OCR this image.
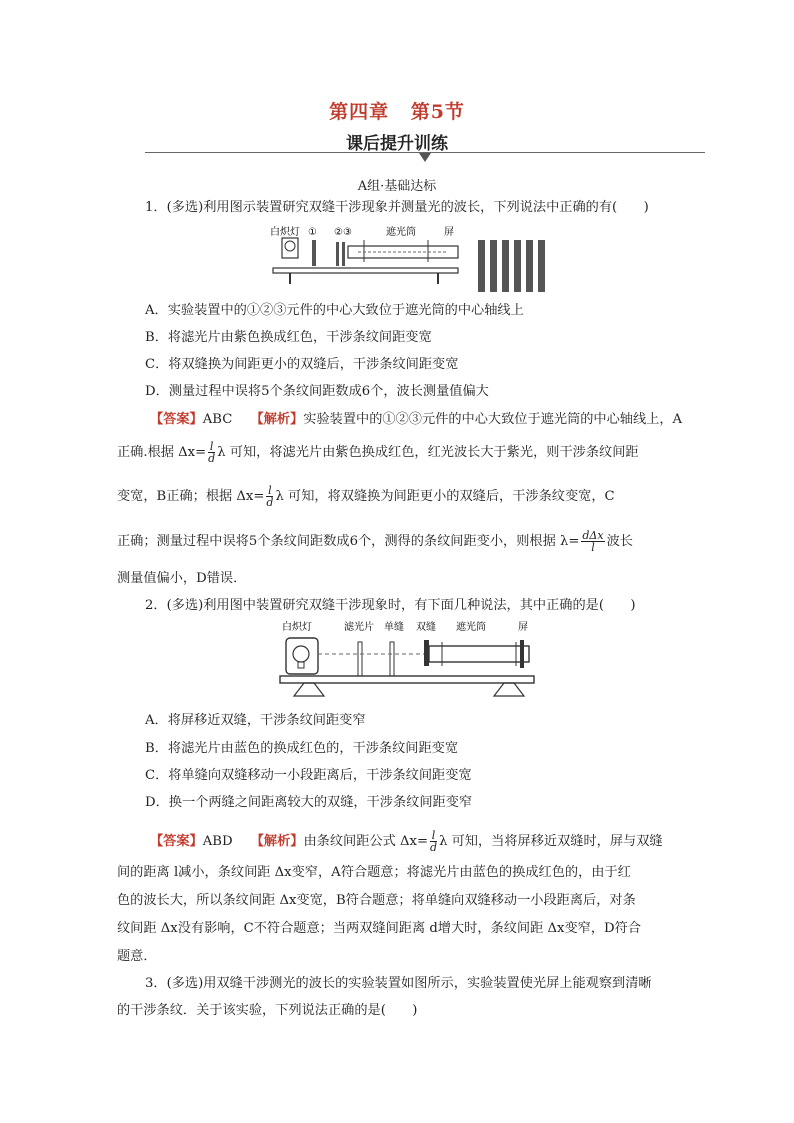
第四章 第5节
课后提升训练
A组·基础达标
1．(多选)利用图示装置研究双缝干涉现象并测量光的波长，下列说法中正确的有(　　)
白炽灯 ① ②③	遮光筒	屏
A．实验装置中的①②③元件的中心大致位于遮光筒的中心轴线上
B．将滤光片由紫色换成红色，干涉条纹间距变宽
C．将双缝换为间距更小的双缝后，干涉条纹间距变宽
D．测量过程中误将5个条纹间距数成6个，波长测量值偏大
【答案】ABC 【解析】实验装置中的①②③元件的中心大致位于遮光筒的中心轴线上，A
正确.根据 $\Delta x= \frac{l}{d}$ λ 可知，将滤光片由紫色换成红色，红光波长大于紫光，则干涉条纹间距
变宽，B正确；根据 $\Delta x= \frac{l}{d}$ λ 可知，将双缝换为间距更小的双缝后，干涉条纹变宽，C
正确；测量过程中误将5个条纹间距数成6个，测得的条纹间距变小，则根据 $\lambda= \frac{\text{dΔx}}{l}$ 波长
测量值偏小，D错误．
2．(多选)利用图中装置研究双缝干涉现象时，有下面几种说法，其中正确的是(　　)
白炽灯	滤光片 单缝 双缝 遮光筒	屏
A．将屏移近双缝，干涉条纹间距变窄
B．将滤光片由蓝色的换成红色的，干涉条纹间距变宽
C．将单缝向双缝移动一小段距离后，干涉条纹间距变宽
D．换一个两缝之间距离较大的双缝，干涉条纹间距变窄
【答案】ABD 【解析】由条纹间距公式 $\Delta x= \frac{l}{d}$ λ 可知，当将屏移近双缝时，屏与双缝
间的距离 l减小，条纹间距 Δx变窄，A符合题意；将滤光片由蓝色的换成红色的，由于红
色的波长大，所以条纹间距 Δx变宽，B符合题意；将单缝向双缝移动一小段距离后，对条
纹间距 Δx没有影响，C不符合题意；当两双缝间距离 d增大时，条纹间距 Δx变窄，D符合
题意．
3．(多选)用双缝干涉测光的波长的实验装置如图所示，实验装置使光屏上能观察到清晰
的干涉条纹．关于该实验，下列说法正确的是(　　)
